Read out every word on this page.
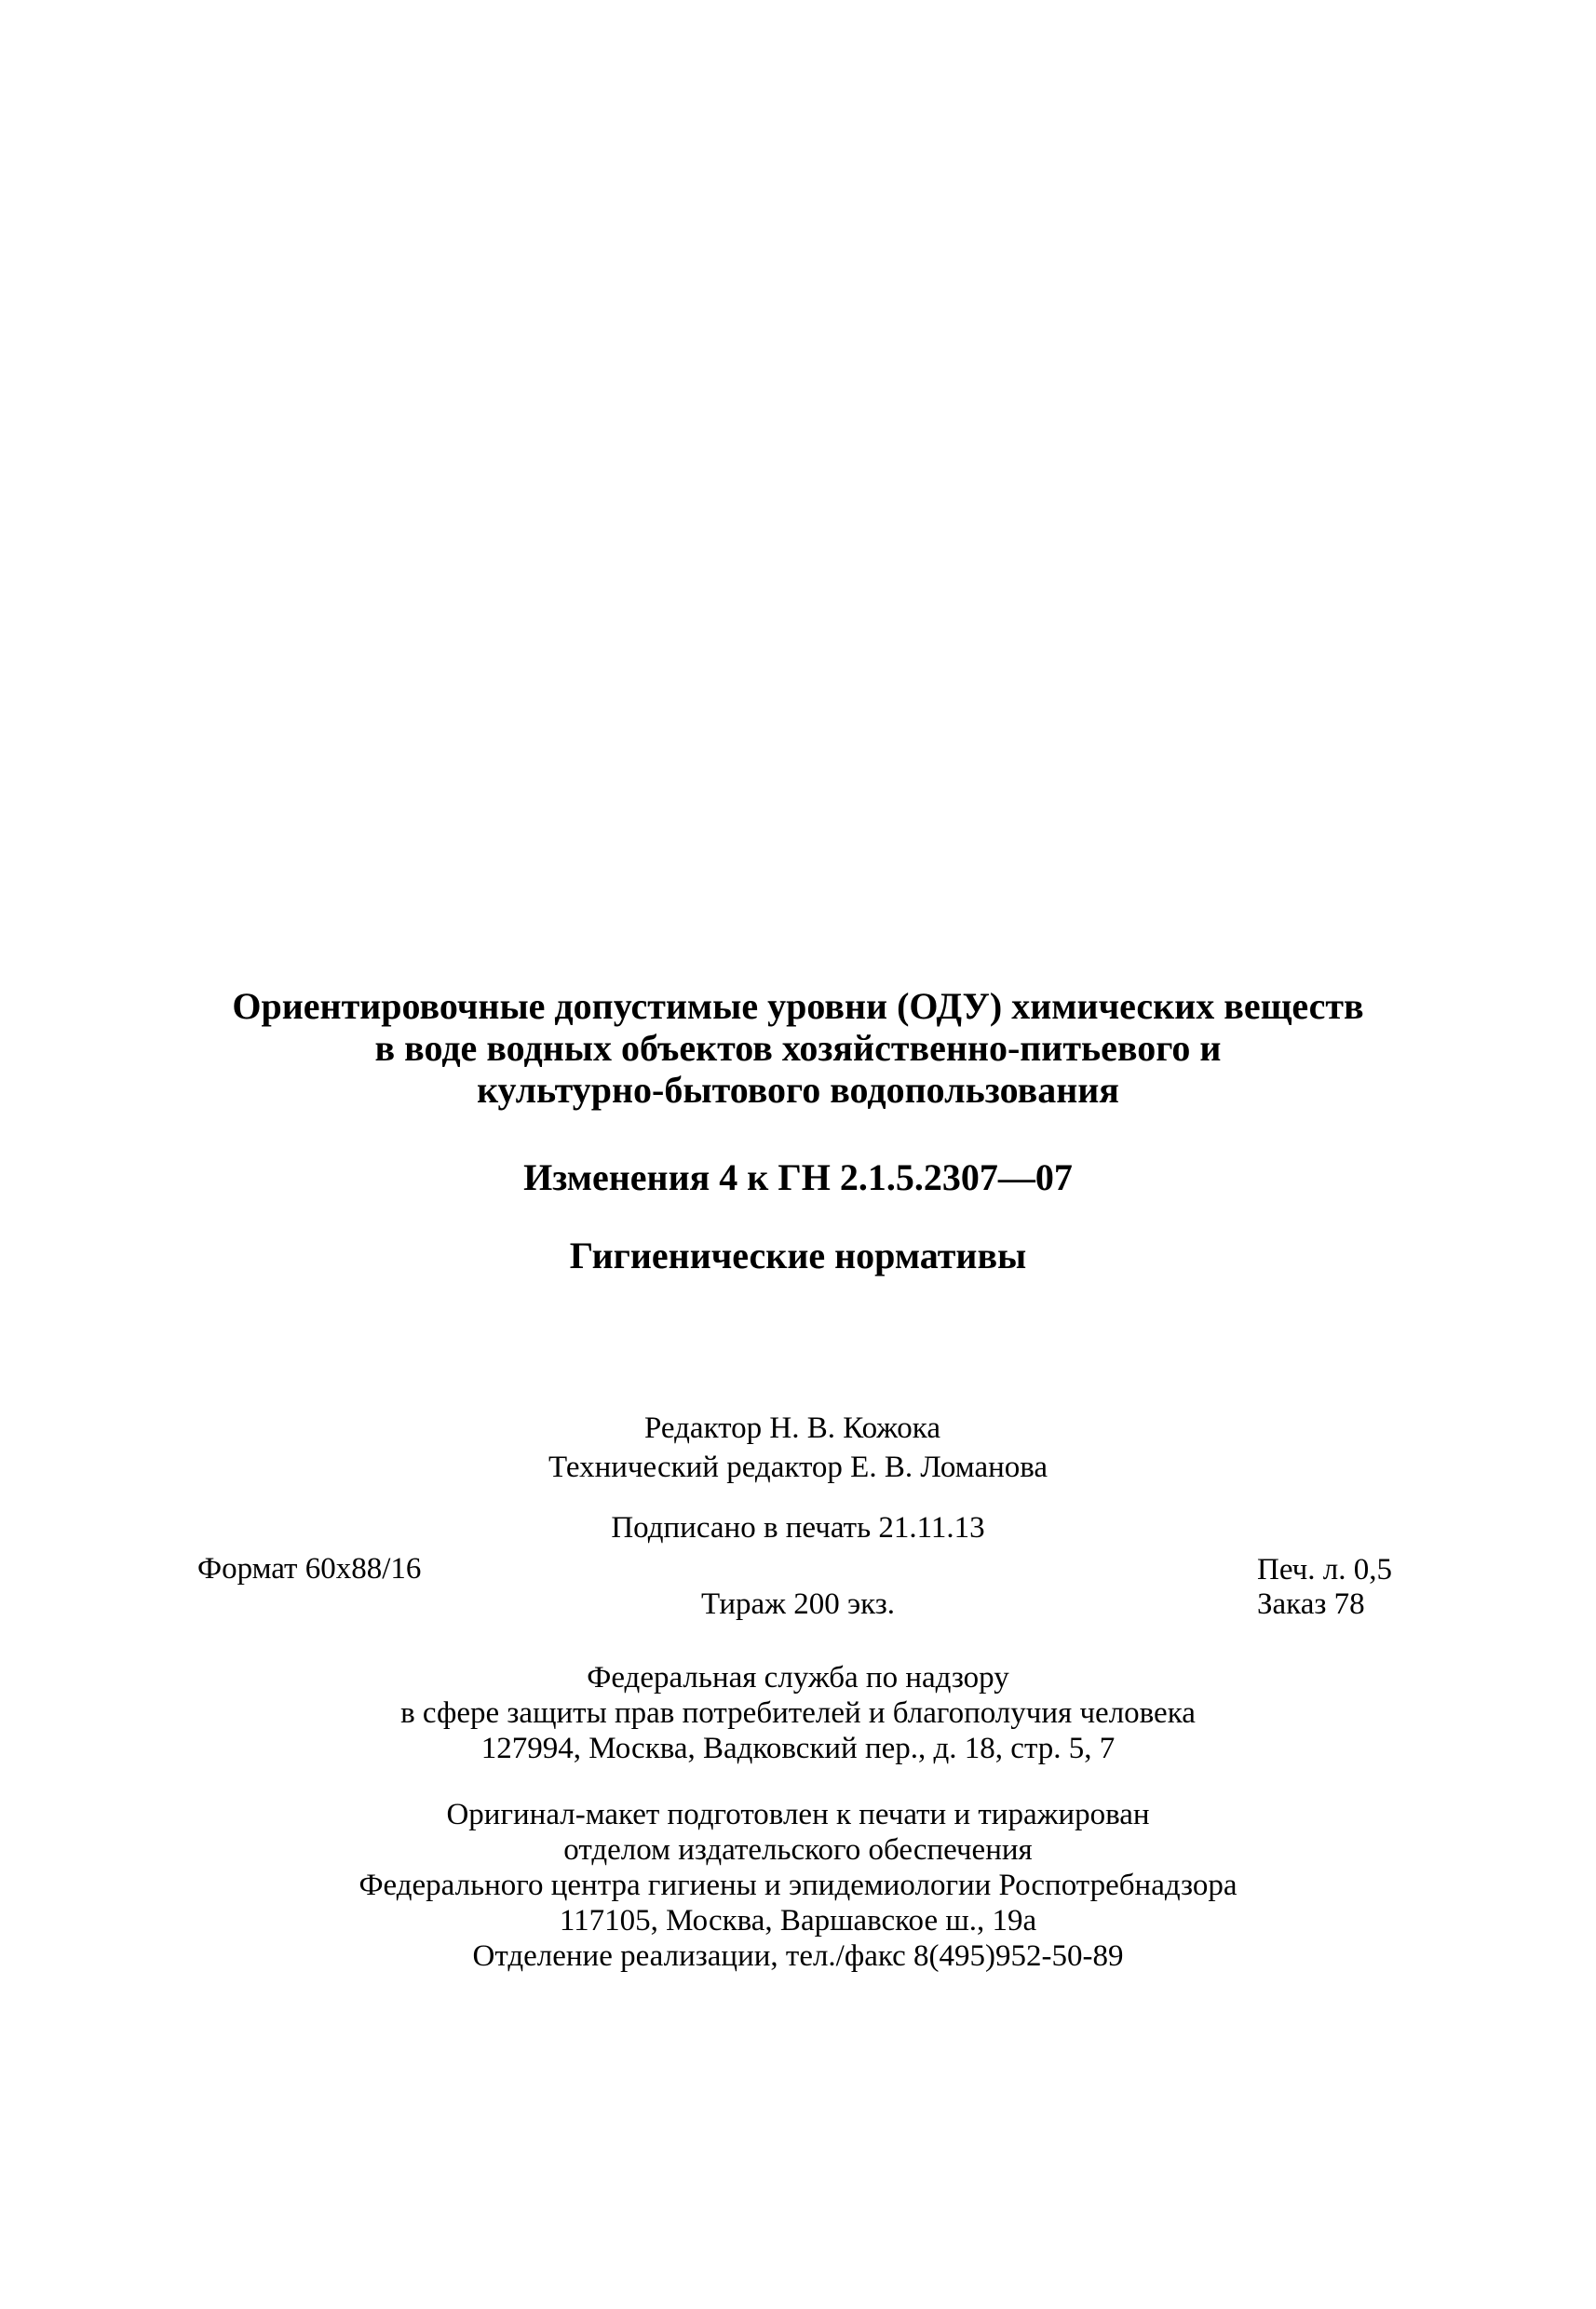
Ориентировочные допустимые уровни (ОДУ) химических веществ
в воде водных объектов хозяйственно-питьевого и
культурно-бытового водопользования
Изменения 4 к ГН 2.1.5.2307—07
Гигиенические нормативы
Редактор Н. В. Кожока
Технический редактор Е. В. Ломанова
Подписано в печать 21.11.13
Формат 60x88/16	Печ. л. 0,5
Тираж 200 экз.	Заказ 78
Федеральная служба по надзору
в сфере защиты прав потребителей и благополучия человека
127994, Москва, Вадковский пер., д. 18, стр. 5, 7
Оригинал-макет подготовлен к печати и тиражирован
отделом издательского обеспечения
Федерального центра гигиены и эпидемиологии Роспотребнадзора
117105, Москва, Варшавское ш., 19а
Отделение реализации, тел./факс 8(495)952-50-89
